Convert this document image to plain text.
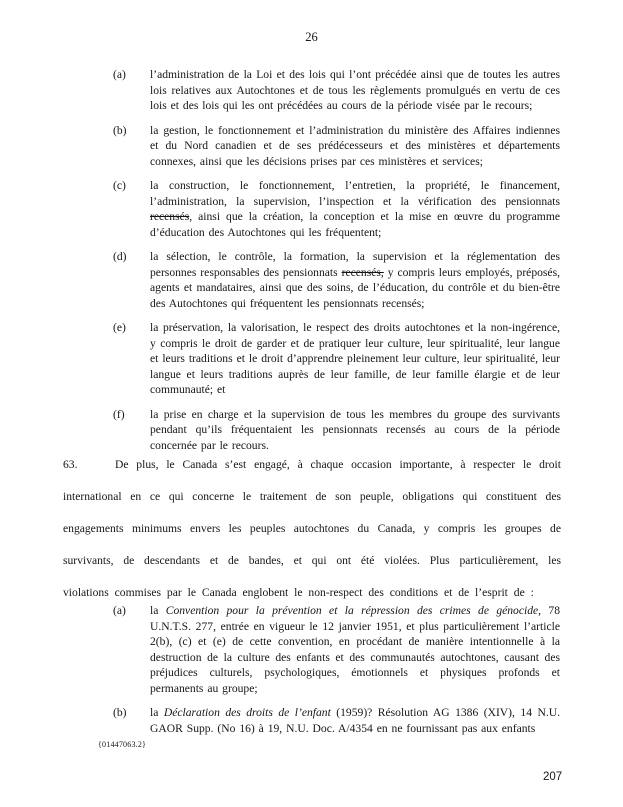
26
(a)	l’administration de la Loi et des lois qui l’ont précédée ainsi que de toutes les autres lois relatives aux Autochtones et de tous les règlements promulgués en vertu de ces lois et des lois qui les ont précédées au cours de la période visée par le recours;
(b)	la gestion, le fonctionnement et l’administration du ministère des Affaires indiennes et du Nord canadien et de ses prédécesseurs et des ministères et départements connexes, ainsi que les décisions prises par ces ministères et services;
(c)	la construction, le fonctionnement, l’entretien, la propriété, le financement, l’administration, la supervision, l’inspection et la vérification des pensionnats recensés, ainsi que la création, la conception et la mise en œuvre du programme d’éducation des Autochtones qui les fréquentent;
(d)	la sélection, le contrôle, la formation, la supervision et la réglementation des personnes responsables des pensionnats recensés, y compris leurs employés, préposés, agents et mandataires, ainsi que des soins, de l’éducation, du contrôle et du bien-être des Autochtones qui fréquentent les pensionnats recensés;
(e)	la préservation, la valorisation, le respect des droits autochtones et la non-ingérence, y compris le droit de garder et de pratiquer leur culture, leur spiritualité, leur langue et leurs traditions et le droit d’apprendre pleinement leur culture, leur spiritualité, leur langue et leurs traditions auprès de leur famille, de leur famille élargie et de leur communauté; et
(f)	la prise en charge et la supervision de tous les membres du groupe des survivants pendant qu’ils fréquentaient les pensionnats recensés au cours de la période concernée par le recours.
63.	De plus, le Canada s’est engagé, à chaque occasion importante, à respecter le droit international en ce qui concerne le traitement de son peuple, obligations qui constituent des engagements minimums envers les peuples autochtones du Canada, y compris les groupes de survivants, de descendants et de bandes, et qui ont été violées. Plus particulièrement, les violations commises par le Canada englobent le non-respect des conditions et de l’esprit de :
(a)	la Convention pour la prévention et la répression des crimes de génocide, 78 U.N.T.S. 277, entrée en vigueur le 12 janvier 1951, et plus particulièrement l’article 2(b), (c) et (e) de cette convention, en procédant de manière intentionnelle à la destruction de la culture des enfants et des communautés autochtones, causant des préjudices culturels, psychologiques, émotionnels et physiques profonds et permanents au groupe;
(b)	la Déclaration des droits de l’enfant (1959)? Résolution AG 1386 (XIV), 14 N.U. GAOR Supp. (No 16) à 19, N.U. Doc. A/4354 en ne fournissant pas aux enfants
{01447063.2}
207
